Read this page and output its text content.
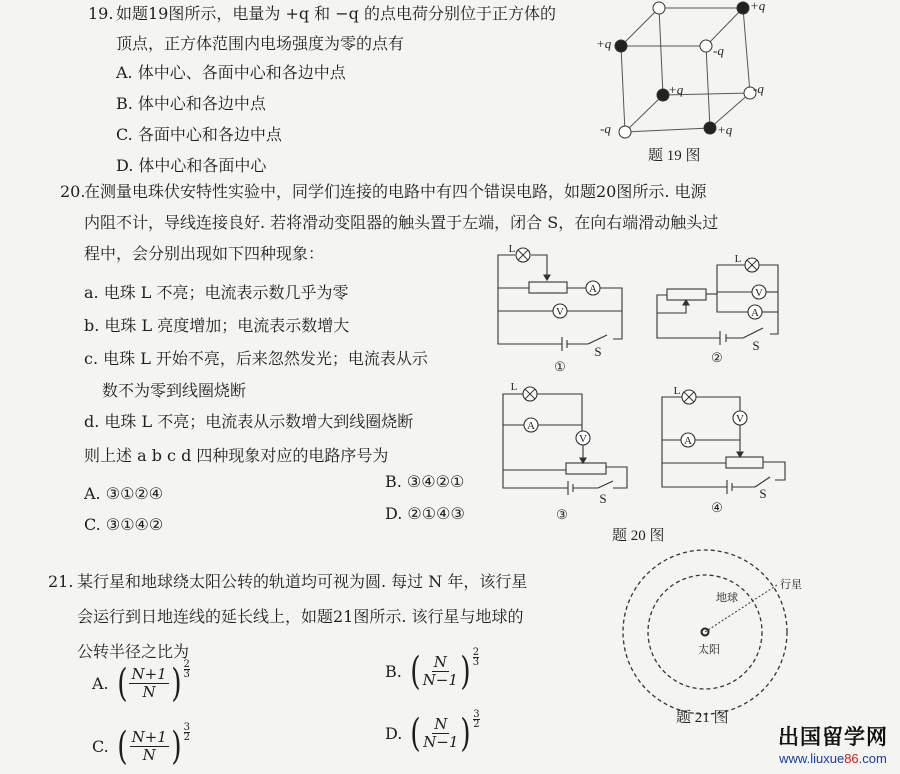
19. 如题19图所示，电量为 +q 和 −q 的点电荷分别位于正方体的
顶点，正方体范围内电场强度为零的点有
A. 体中心、各面中心和各边中点
B. 体中心和各边中点
C. 各面中心和各边中点
D. 体中心和各面中心
+q
+q	-q
+q	-q
-q	+q
题 19 图
L
A
V
S
①
L
V
A
S
②
L
A
V
S
③
L
V
A
S
④
题 20 图
行星
地球
太阳
题 21 图
20.
在测量电珠伏安特性实验中，同学们连接的电路中有四个错误电路，如题20图所示. 电源
内阻不计，导线连接良好. 若将滑动变阻器的触头置于左端，闭合 S，在向右端滑动触头过
程中，会分别出现如下四种现象：
a. 电珠 L 不亮；电流表示数几乎为零
b. 电珠 L 亮度增加；电流表示数增大
c. 电珠 L 开始不亮，后来忽然发光；电流表从示
数不为零到线圈烧断
d. 电珠 L 不亮；电流表从示数增大到线圈烧断
则上述 a b c d 四种现象对应的电路序号为
A. ③①②④
B. ③④②①
C. ③①④②
D. ②①④③
21. 某行星和地球绕太阳公转的轨道均可视为圆. 每过 N 年，该行星
会运行到日地连线的延长线上，如题21图所示. 该行星与地球的
公转半径之比为
A. ( $\frac{N+1}{N}$ ) $\frac{2}{3}$	B. ( $\frac{N}{N-1}$ ) $\frac{2}{3}$
C. ( $\frac{N+1}{N}$ ) $\frac{3}{2}$	D. ( $\frac{N}{N-1}$ ) $\frac{3}{2}$
出国留学网
www.liuxue86.com
